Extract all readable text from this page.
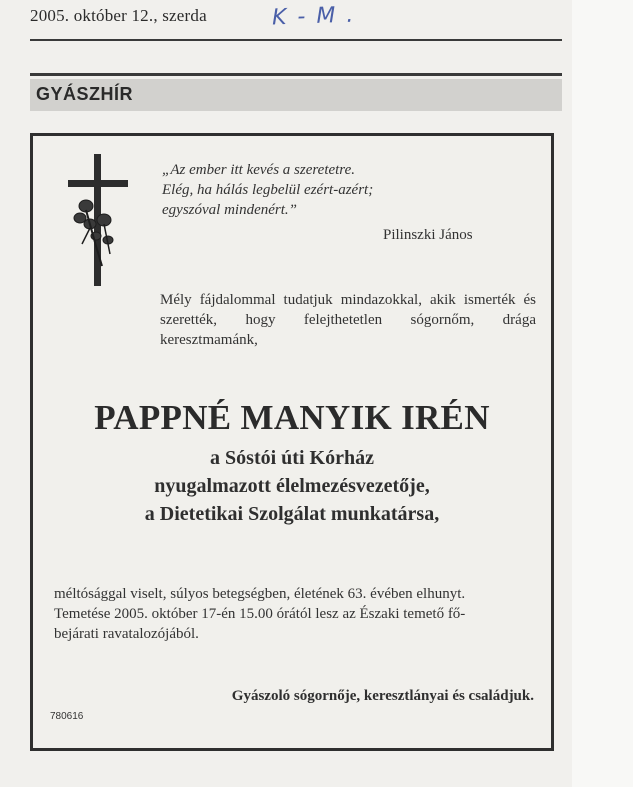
2005. október 12., szerda	K - M .
GYÁSZHÍR
„Az ember itt kevés a szeretetre.
Elég, ha hálás legbelül ezért-azért;
egyszóval mindenért.”
Pilinszki János
Mély fájdalommal tudatjuk mindazokkal, akik ismerték és szerették, hogy felejthetetlen sógornőm, drága keresztmamánk,
PAPPNÉ MANYIK IRÉN
a Sóstói úti Kórház
nyugalmazott élelmezésvezetője,
a Dietetikai Szolgálat munkatársa,
méltósággal viselt, súlyos betegségben, életének 63. évében elhunyt.
Temetése 2005. október 17-én 15.00 órától lesz az Északi temető fő-
bejárati ravatalozójából.
Gyászoló sógornője, keresztlányai és családjuk.
780616
